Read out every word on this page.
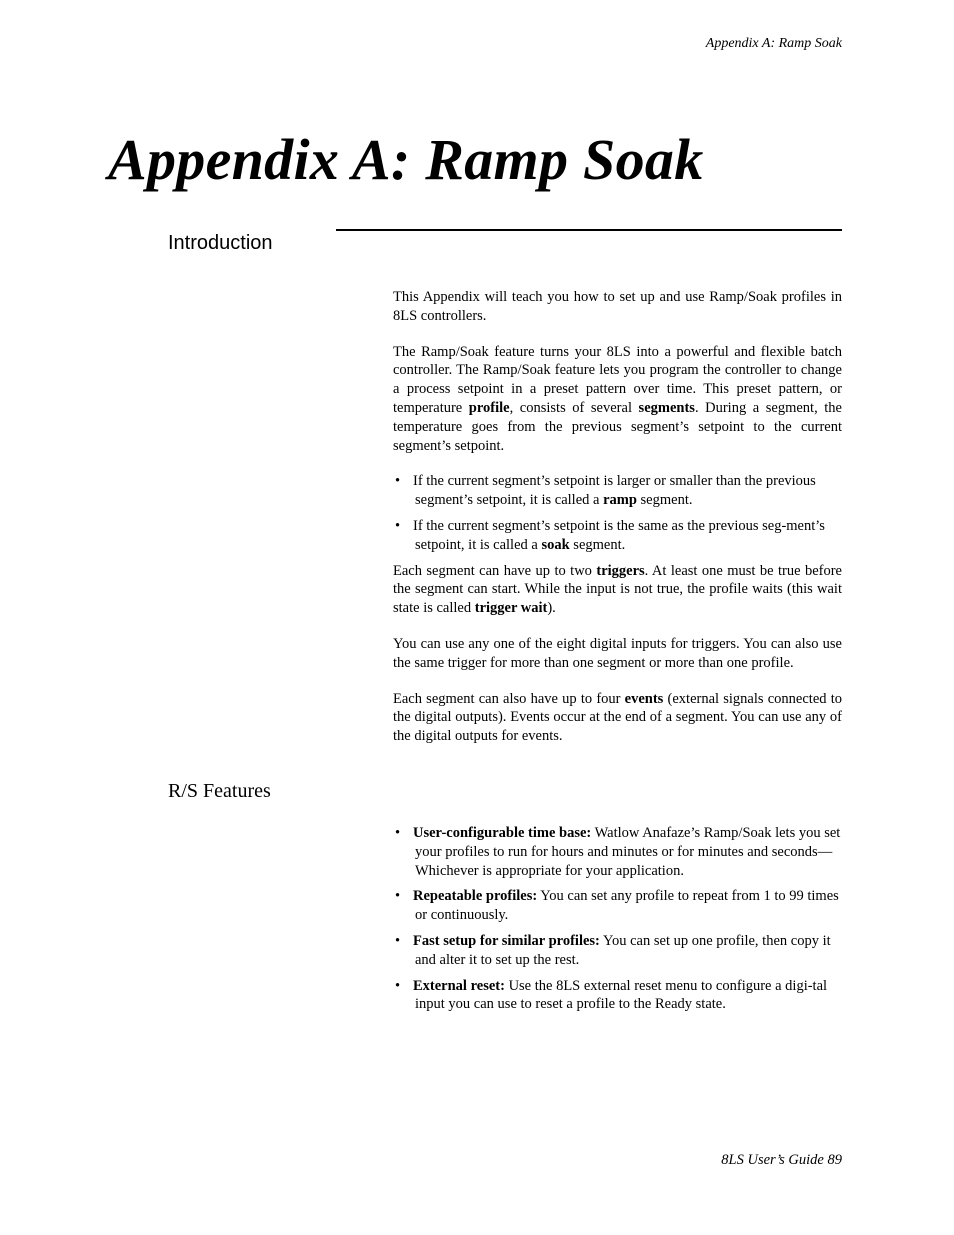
Appendix A: Ramp Soak
Appendix A: Ramp Soak
Introduction

This Appendix will teach you how to set up and use Ramp/Soak profiles in 8LS controllers.

The Ramp/Soak feature turns your 8LS into a powerful and flexible batch controller. The Ramp/Soak feature lets you program the controller to change a process setpoint in a preset pattern over time. This preset pattern, or temperature profile, consists of several segments. During a segment, the temperature goes from the previous segment’s setpoint to the current segment’s setpoint.

• If the current segment’s setpoint is larger or smaller than the previous segment’s setpoint, it is called a ramp segment.
• If the current segment’s setpoint is the same as the previous seg-ment’s setpoint, it is called a soak segment.

Each segment can have up to two triggers. At least one must be true before the segment can start. While the input is not true, the profile waits (this wait state is called trigger wait).

You can use any one of the eight digital inputs for triggers. You can also use the same trigger for more than one segment or more than one profile.

Each segment can also have up to four events (external signals connected to the digital outputs). Events occur at the end of a segment. You can use any of the digital outputs for events.

R/S Features
• User-configurable time base: Watlow Anafaze’s Ramp/Soak lets you set your profiles to run for hours and minutes or for minutes and seconds—Whichever is appropriate for your application.
• Repeatable profiles: You can set any profile to repeat from 1 to 99 times or continuously.
• Fast setup for similar profiles: You can set up one profile, then copy it and alter it to set up the rest.
• External reset: Use the 8LS external reset menu to configure a digi-tal input you can use to reset a profile to the Ready state.
8LS User’s Guide 89
